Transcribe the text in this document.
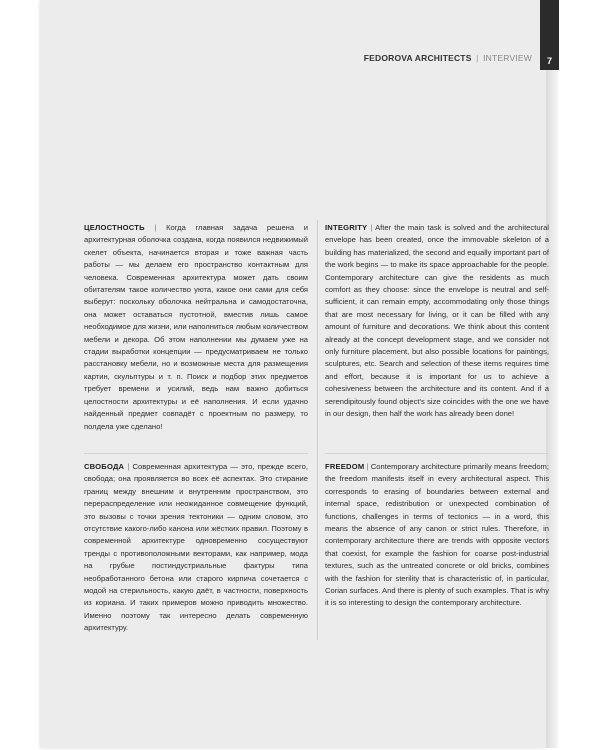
7
FEDOROVA ARCHITECTS | INTERVIEW
ЦЕЛОСТНОСТЬ | Когда главная задача решена и архитектурная оболочка создана, когда появился недвижимый скелет объекта, начинается вторая и тоже важная часть работы — мы делаем его пространство контактным для человека. Современная архитектура может дать своим обитателям такое количество уюта, какое они сами для себя выберут: поскольку оболочка нейтральна и самодостаточна, она может оставаться пустотной, вместив лишь самое необходимое для жизни, или наполниться любым количеством мебели и декора. Об этом наполнении мы думаем уже на стадии выработки концепции — предусматриваем не только расстановку мебели, но и возможные места для размещения картин, скульптуры и т. п. Поиск и подбор этих предметов требует времени и усилий, ведь нам важно добиться целостности архитектуры и её наполнения. И если удачно найденный предмет совпадёт с проектным по размеру, то полдела уже сделано!
СВОБОДА | Современная архитектура — это, прежде всего, свобода; она проявляется во всех её аспектах. Это стирание границ между внешним и внутренним пространством, это перераспределение или неожиданное совмещение функций, это вызовы с точки зрения тектоники — одним словом, это отсутствие какого-либо канона или жёстких правил. Поэтому в современной архитектуре одновременно сосуществуют тренды с противоположными векторами, как например, мода на грубые постиндустриальные фактуры типа необработанного бетона или старого кирпича сочетается с модой на стерильность, какую даёт, в частности, поверхность из кориана. И таких примеров можно приводить множество. Именно поэтому так интересно делать современную архитектуру.
INTEGRITY | After the main task is solved and the architectural envelope has been created, once the immovable skeleton of a building has materialized, the second and equally important part of the work begins — to make its space approachable for the people. Contemporary architecture can give the residents as much comfort as they choose: since the envelope is neutral and self-sufficient, it can remain empty, accommodating only those things that are most necessary for living, or it can be filled with any amount of furniture and decorations. We think about this content already at the concept development stage, and we consider not only furniture placement, but also possible locations for paintings, sculptures, etc. Search and selection of these items requires time and effort, because it is important for us to achieve a cohesiveness between the architecture and its content. And if a serendipitously found object's size coincides with the one we have in our design, then half the work has already been done!
FREEDOM | Contemporary architecture primarily means freedom; the freedom manifests itself in every architectural aspect. This corresponds to erasing of boundaries between external and internal space, redistribution or unexpected combination of functions, challenges in terms of tectonics — in a word, this means the absence of any canon or strict rules. Therefore, in contemporary architecture there are trends with opposite vectors that coexist, for example the fashion for coarse post-industrial textures, such as the untreated concrete or old bricks, combines with the fashion for sterility that is characteristic of, in particular, Corian surfaces. And there is plenty of such examples. That is why it is so interesting to design the contemporary architecture.
